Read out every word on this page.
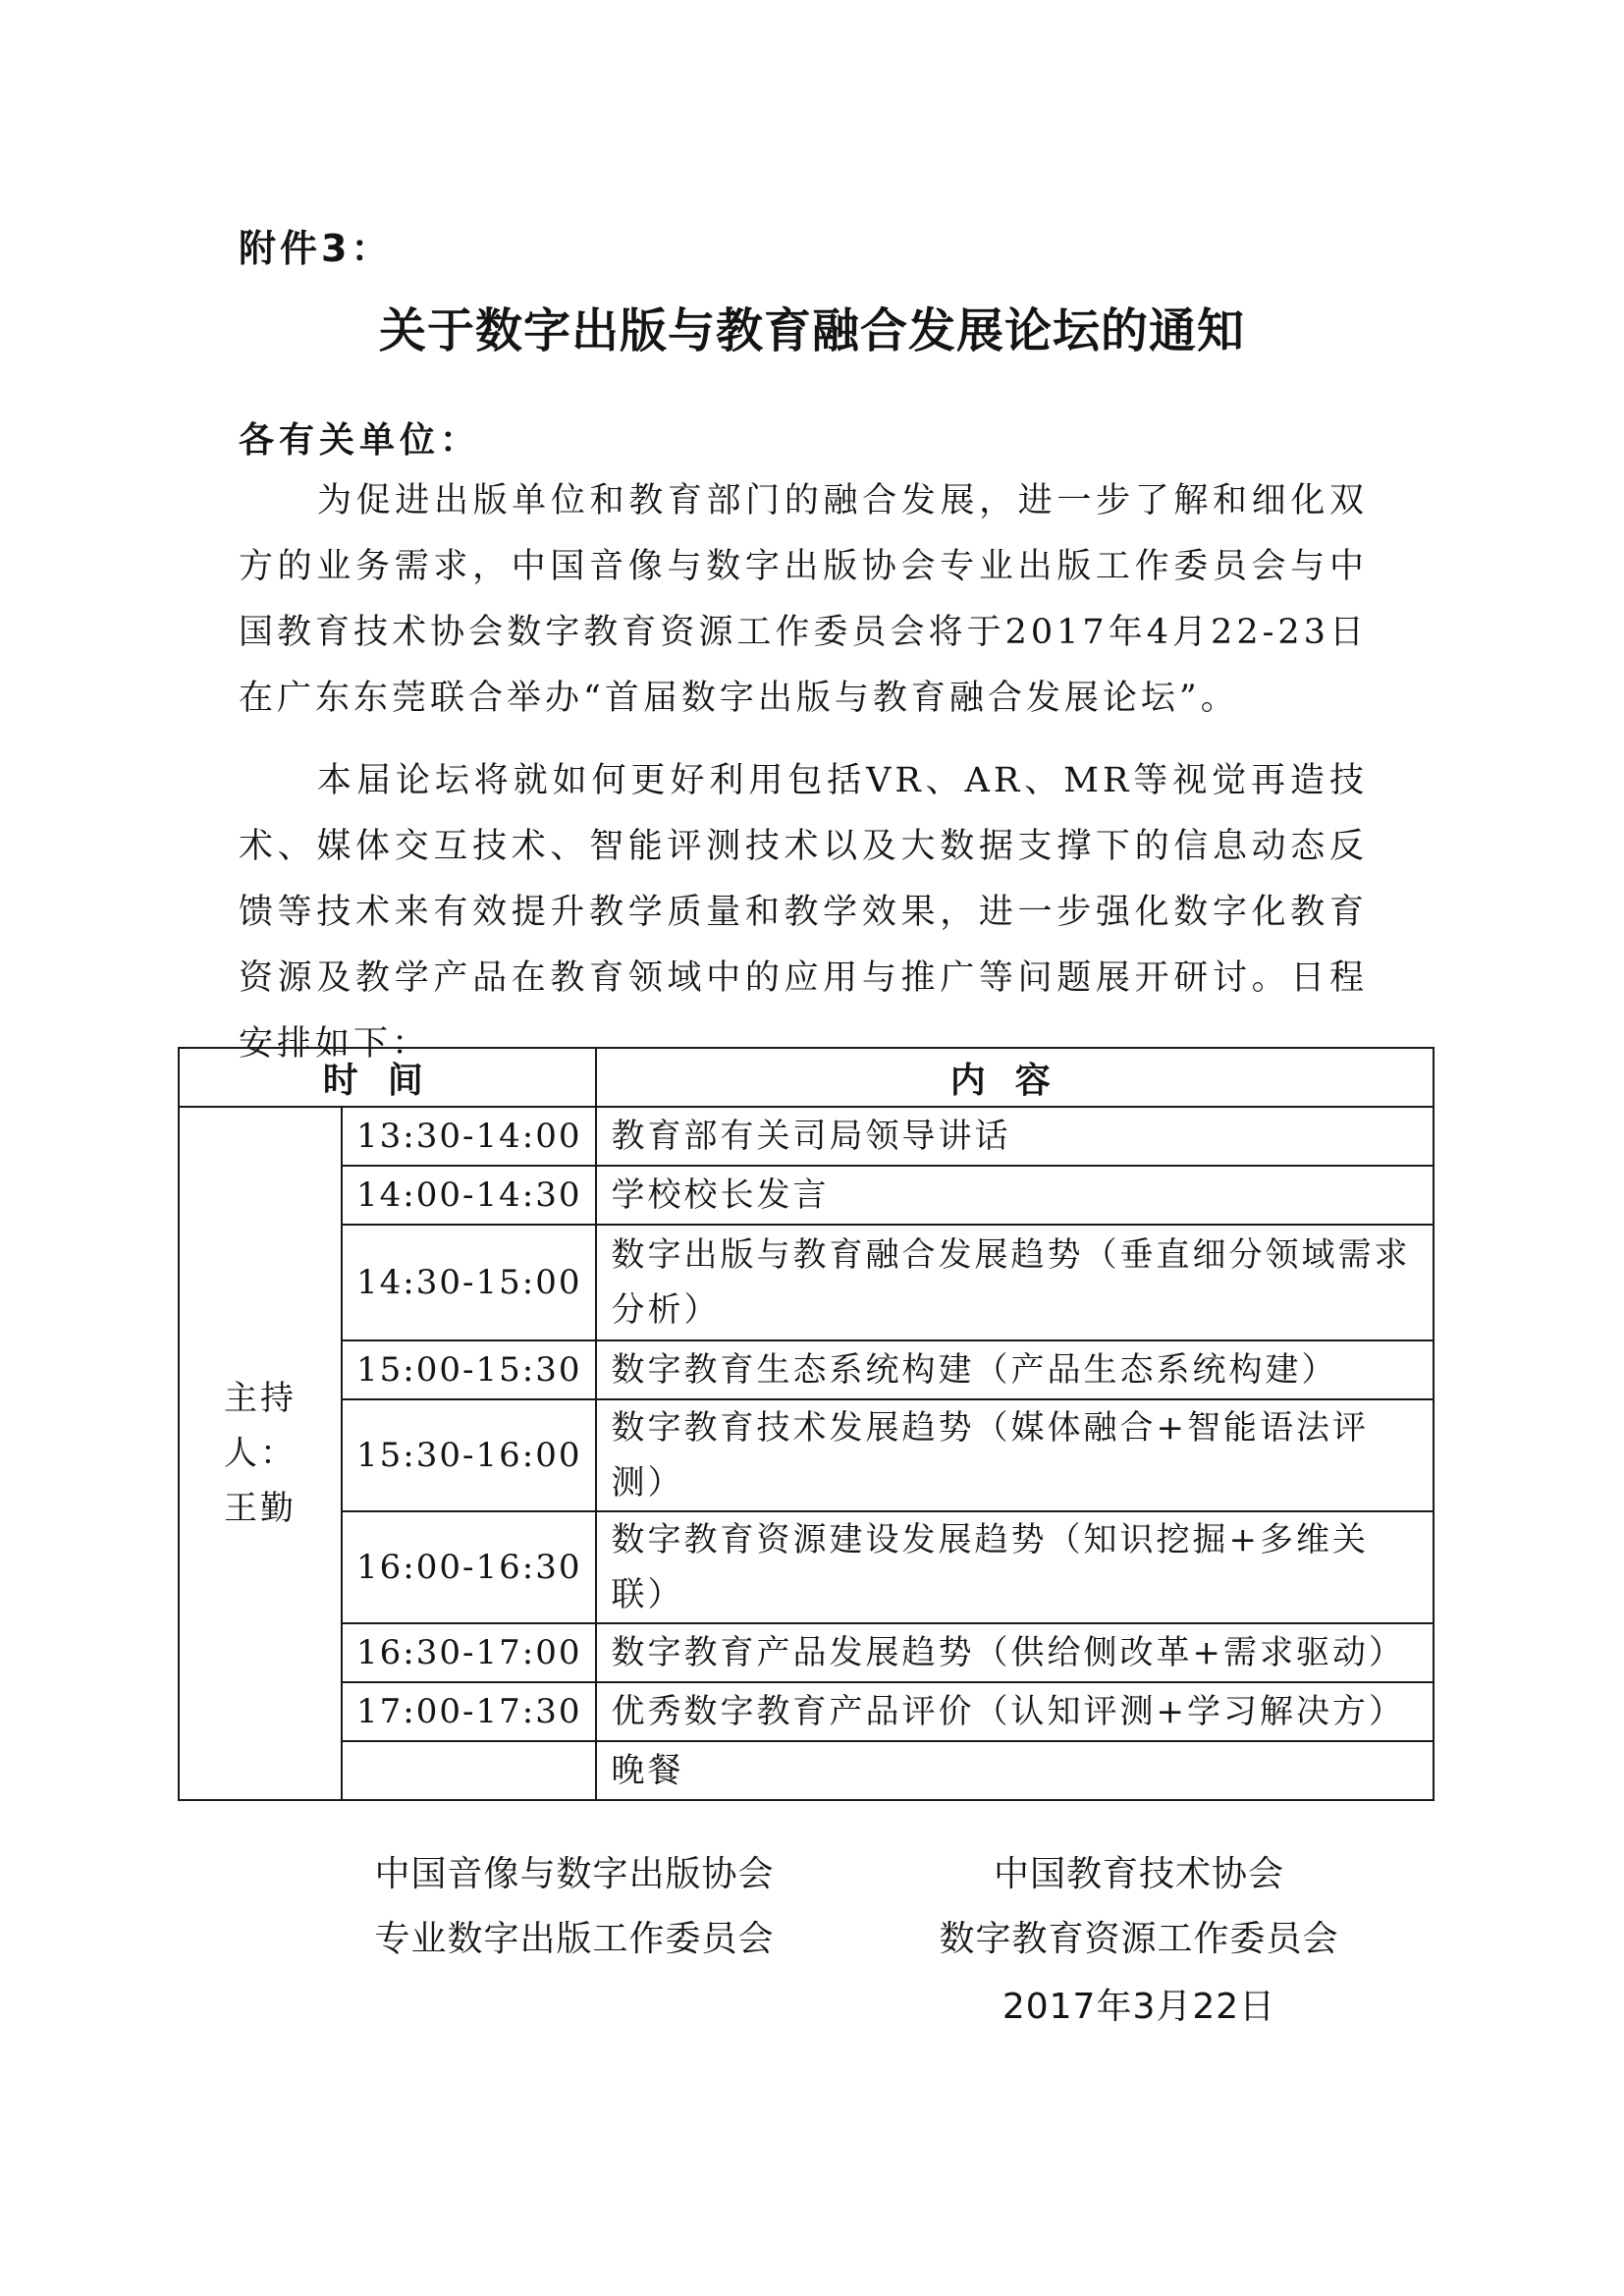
附件3：
关于数字出版与教育融合发展论坛的通知
各有关单位：

为促进出版单位和教育部门的融合发展，进一步了解和细化双方的业务需求，中国音像与数字出版协会专业出版工作委员会与中国教育技术协会数字教育资源工作委员会将于2017年4月22-23日在广东东莞联合举办“首届数字出版与教育融合发展论坛”。

本届论坛将就如何更好利用包括VR、AR、MR等视觉再造技术、媒体交互技术、智能评测技术以及大数据支撑下的信息动态反馈等技术来有效提升教学质量和教学效果，进一步强化数字化教育资源及教学产品在教育领域中的应用与推广等问题展开研讨。日程安排如下：

时间		内容

主持人：
王勤	13:30-14:00	教育部有关司局领导讲话
	14:00-14:30	学校校长发言
	14:30-15:00	数字出版与教育融合发展趋势（垂直细分领域需求分析）
	15:00-15:30	数字教育生态系统构建（产品生态系统构建）
	15:30-16:00	数字教育技术发展趋势（媒体融合+智能语法评测）
	16:00-16:30	数字教育资源建设发展趋势（知识挖掘+多维关联）
	16:30-17:00	数字教育产品发展趋势（供给侧改革+需求驱动）
	17:00-17:30	优秀数字教育产品评价（认知评测+学习解决方）
		晚餐
中国音像与数字出版协会
专业数字出版工作委员会
中国教育技术协会
数字教育资源工作委员会
2017年3月22日
